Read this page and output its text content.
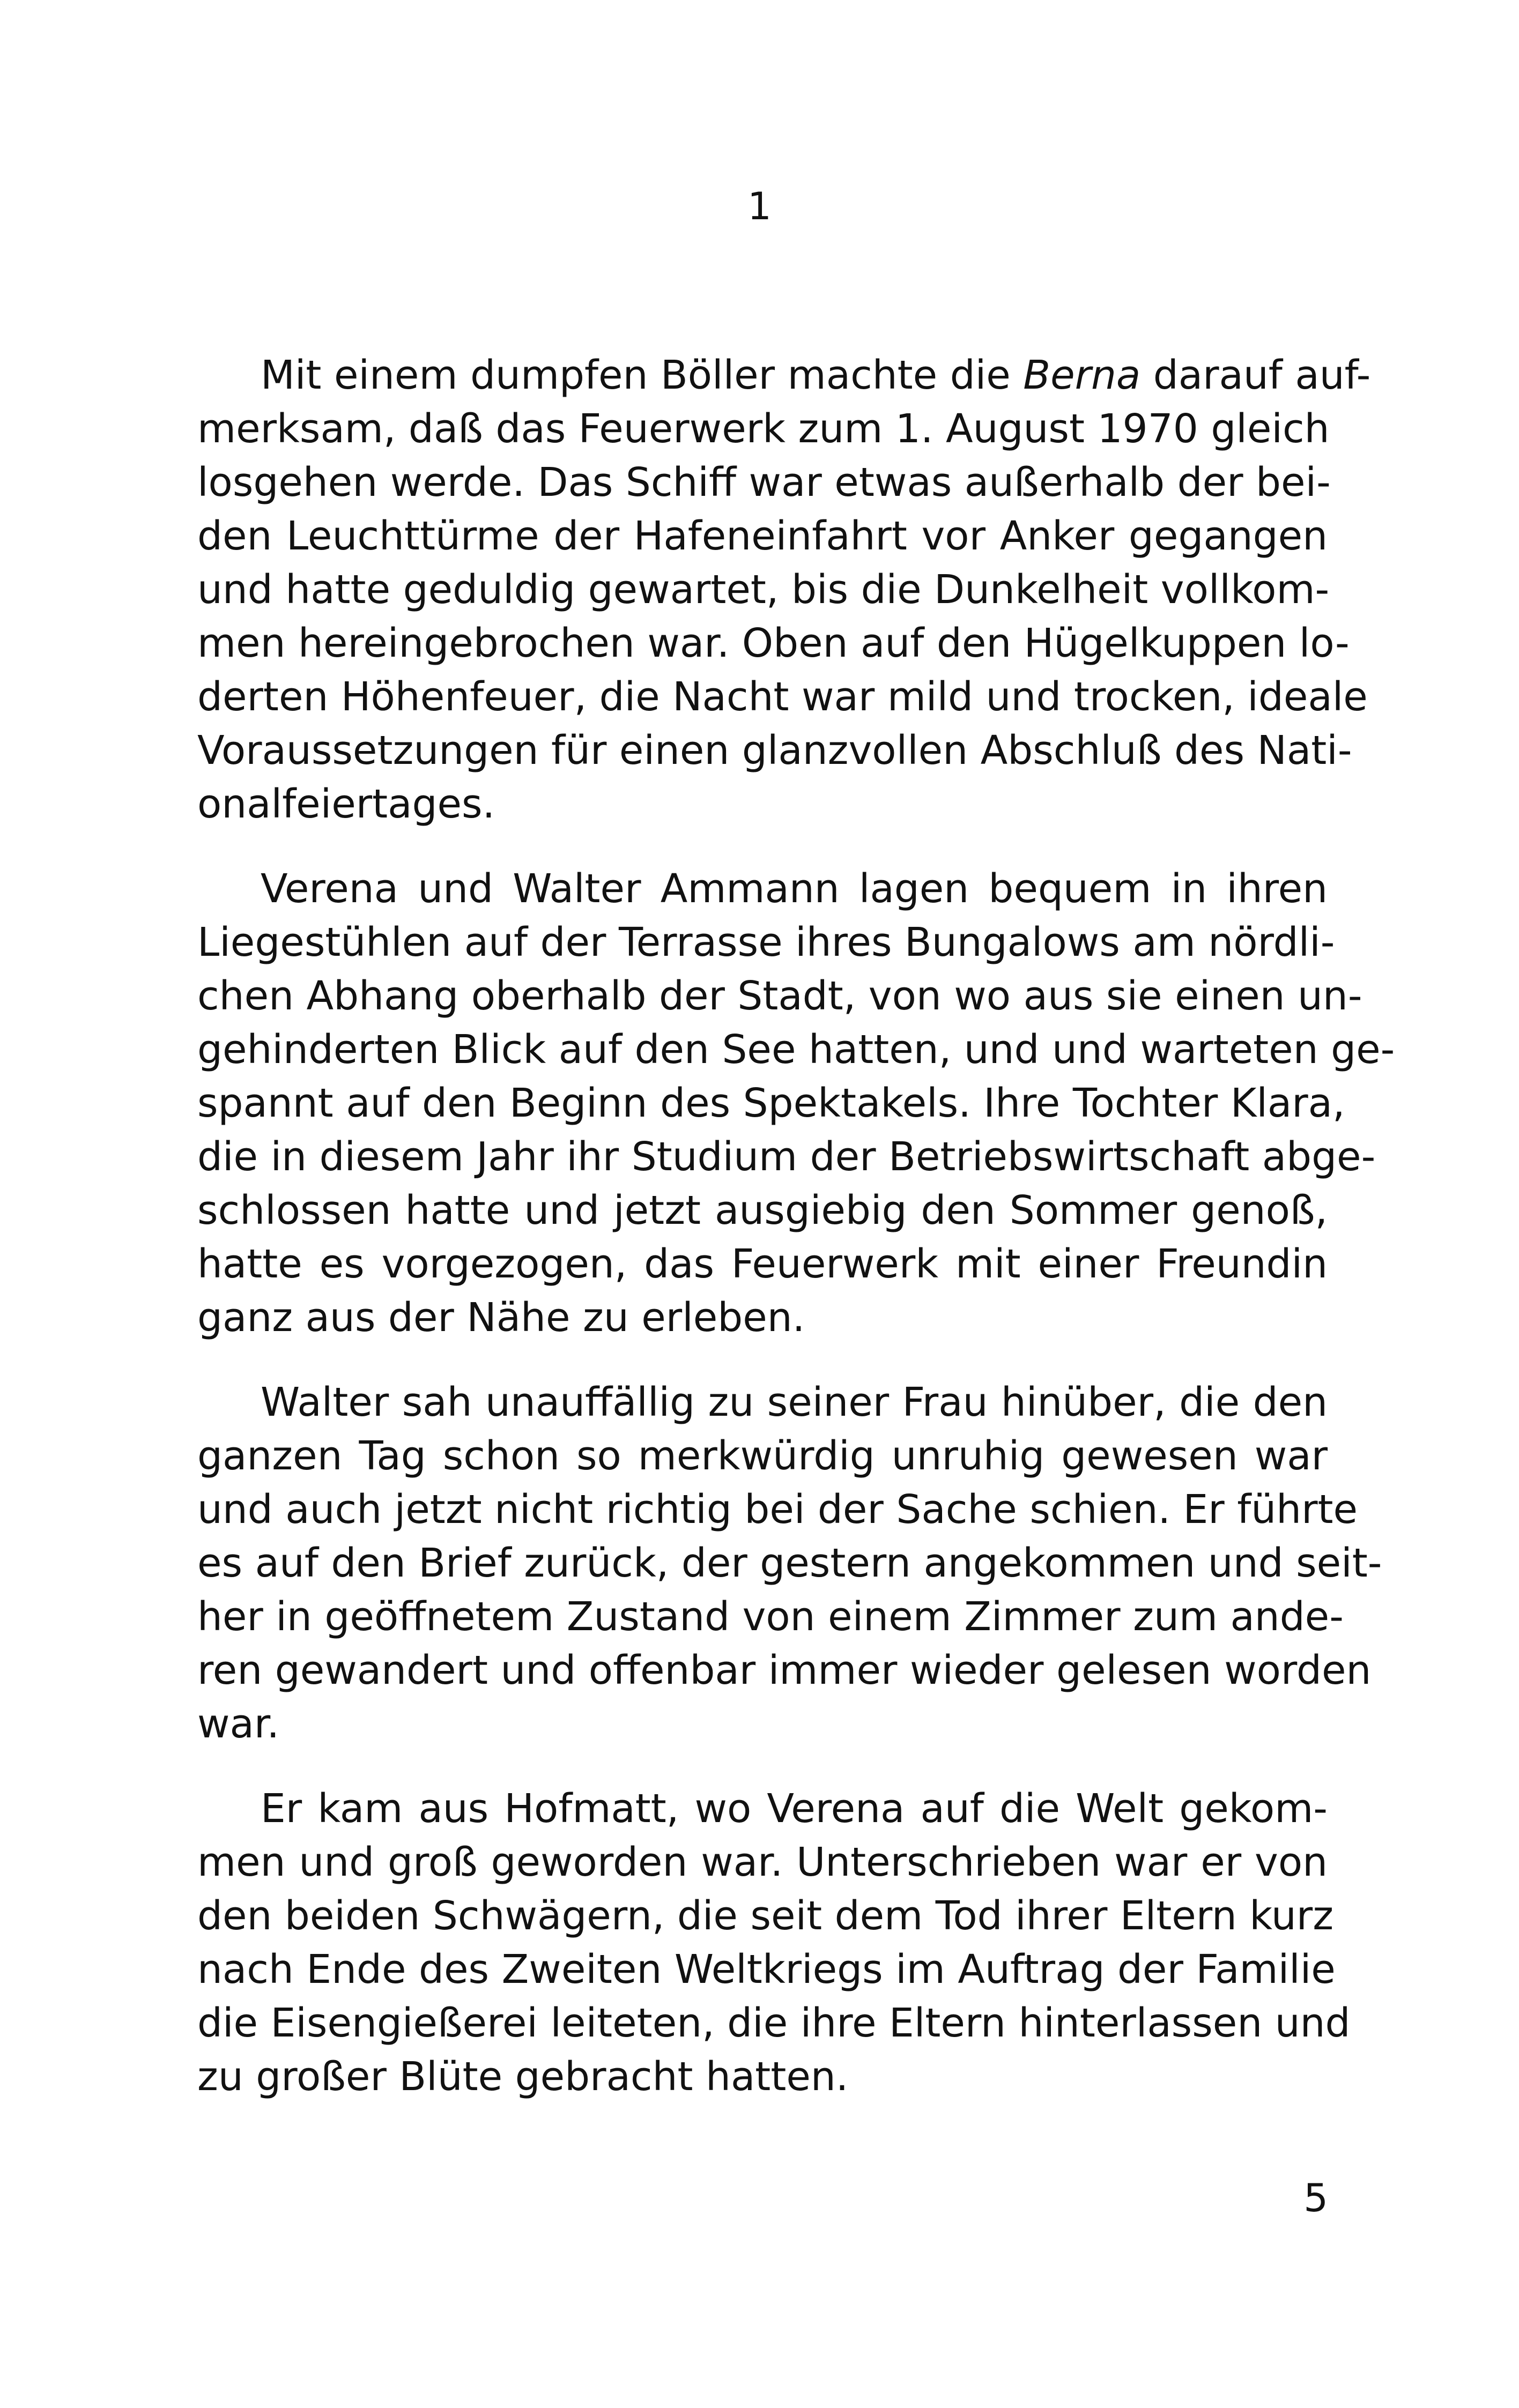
1
Mit einem dumpfen Böller machte die Berna darauf auf-
merksam, daß das Feuerwerk zum 1. August 1970 gleich
losgehen werde. Das Schiff war etwas außerhalb der bei-
den Leuchttürme der Hafeneinfahrt vor Anker gegangen
und hatte geduldig gewartet, bis die Dunkelheit vollkom-
men hereingebrochen war. Oben auf den Hügelkuppen lo-
derten Höhenfeuer, die Nacht war mild und trocken, ideale
Voraussetzungen für einen glanzvollen Abschluß des Nati-
onalfeiertages.
Verena und Walter Ammann lagen bequem in ihren
Liegestühlen auf der Terrasse ihres Bungalows am nördli-
chen Abhang oberhalb der Stadt, von wo aus sie einen un-
gehinderten Blick auf den See hatten, und und warteten ge-
spannt auf den Beginn des Spektakels. Ihre Tochter Klara,
die in diesem Jahr ihr Studium der Betriebswirtschaft abge-
schlossen hatte und jetzt ausgiebig den Sommer genoß,
hatte es vorgezogen, das Feuerwerk mit einer Freundin
ganz aus der Nähe zu erleben.
Walter sah unauffällig zu seiner Frau hinüber, die den
ganzen Tag schon so merkwürdig unruhig gewesen war
und auch jetzt nicht richtig bei der Sache schien. Er führte
es auf den Brief zurück, der gestern angekommen und seit-
her in geöffnetem Zustand von einem Zimmer zum ande-
ren gewandert und offenbar immer wieder gelesen worden
war.
Er kam aus Hofmatt, wo Verena auf die Welt gekom-
men und groß geworden war. Unterschrieben war er von
den beiden Schwägern, die seit dem Tod ihrer Eltern kurz
nach Ende des Zweiten Weltkriegs im Auftrag der Familie
die Eisengießerei leiteten, die ihre Eltern hinterlassen und
zu großer Blüte gebracht hatten.
5
